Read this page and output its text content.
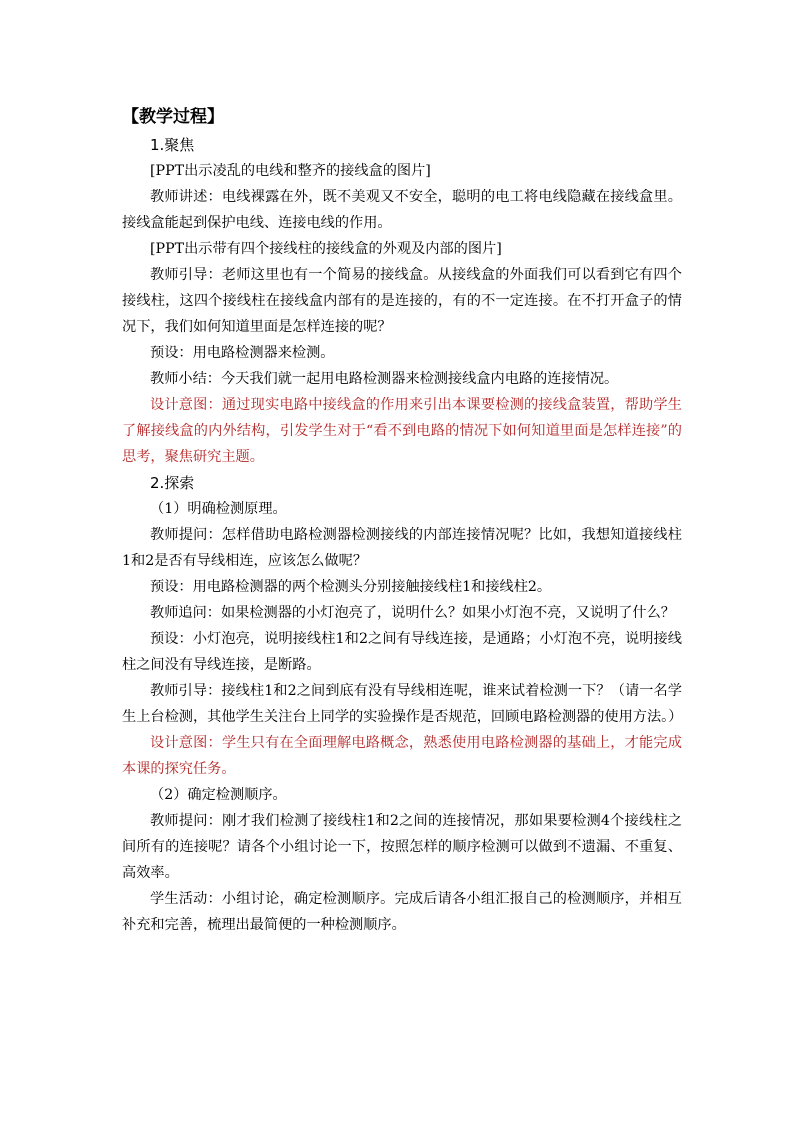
【教学过程】
1.聚焦

[PPT出示凌乱的电线和整齐的接线盒的图片]

教师讲述：电线裸露在外，既不美观又不安全，聪明的电工将电线隐藏在接线盒里。接线盒能起到保护电线、连接电线的作用。

[PPT出示带有四个接线柱的接线盒的外观及内部的图片]

教师引导：老师这里也有一个简易的接线盒。从接线盒的外面我们可以看到它有四个接线柱，这四个接线柱在接线盒内部有的是连接的，有的不一定连接。在不打开盒子的情况下，我们如何知道里面是怎样连接的呢？

预设：用电路检测器来检测。

教师小结：今天我们就一起用电路检测器来检测接线盒内电路的连接情况。

设计意图：通过现实电路中接线盒的作用来引出本课要检测的接线盒装置，帮助学生了解接线盒的内外结构，引发学生对于“看不到电路的情况下如何知道里面是怎样连接”的思考，聚焦研究主题。

2.探索

（1）明确检测原理。

教师提问：怎样借助电路检测器检测接线的内部连接情况呢？比如，我想知道接线柱1和2是否有导线相连，应该怎么做呢？

预设：用电路检测器的两个检测头分别接触接线柱1和接线柱2。

教师追问：如果检测器的小灯泡亮了，说明什么？如果小灯泡不亮，又说明了什么？

预设：小灯泡亮，说明接线柱1和2之间有导线连接，是通路；小灯泡不亮，说明接线柱之间没有导线连接，是断路。

教师引导：接线柱1和2之间到底有没有导线相连呢，谁来试着检测一下？（请一名学生上台检测，其他学生关注台上同学的实验操作是否规范，回顾电路检测器的使用方法。）

设计意图：学生只有在全面理解电路概念，熟悉使用电路检测器的基础上，才能完成本课的探究任务。

（2）确定检测顺序。

教师提问：刚才我们检测了接线柱1和2之间的连接情况，那如果要检测4个接线柱之间所有的连接呢？请各个小组讨论一下，按照怎样的顺序检测可以做到不遗漏、不重复、高效率。

学生活动：小组讨论，确定检测顺序。完成后请各小组汇报自己的检测顺序，并相互补充和完善，梳理出最简便的一种检测顺序。
